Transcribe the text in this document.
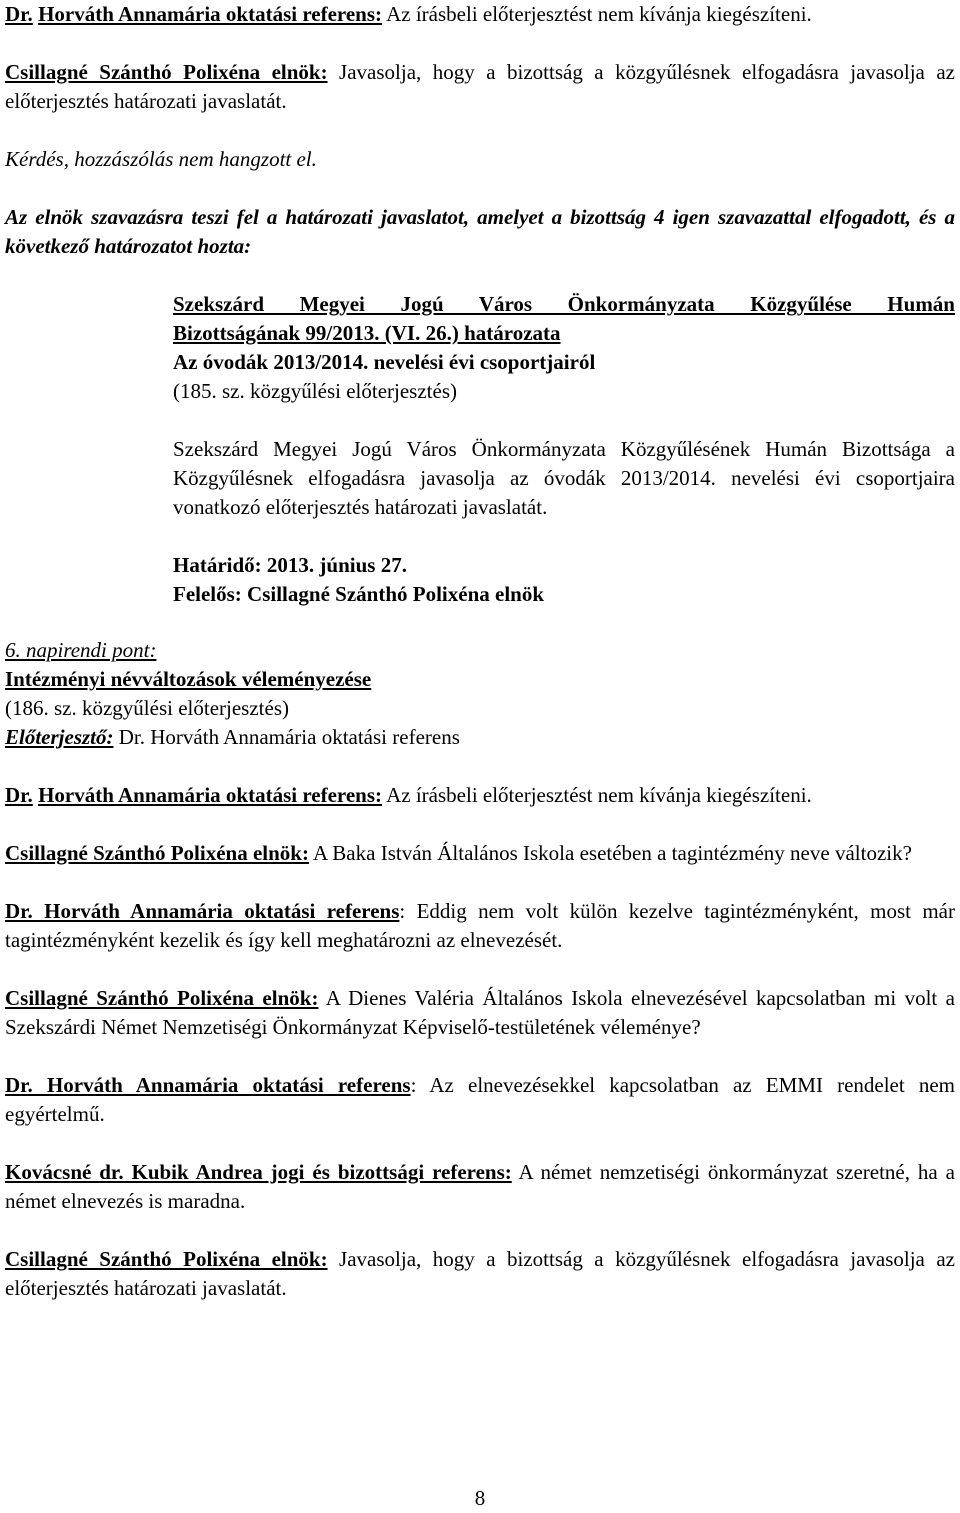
Dr. Horváth Annamária oktatási referens: Az írásbeli előterjesztést nem kívánja kiegészíteni.

Csillagné Szánthó Polixéna elnök: Javasolja, hogy a bizottság a közgyűlésnek elfogadásra javasolja az előterjesztés határozati javaslatát.

Kérdés, hozzászólás nem hangzott el.

Az elnök szavazásra teszi fel a határozati javaslatot, amelyet a bizottság 4 igen szavazattal elfogadott, és a következő határozatot hozta:

Szekszárd Megyei Jogú Város Önkormányzata Közgyűlése Humán

Bizottságának 99/2013. (VI. 26.) határozata

Az óvodák 2013/2014. nevelési évi csoportjairól

(185. sz. közgyűlési előterjesztés)

Szekszárd Megyei Jogú Város Önkormányzata Közgyűlésének Humán Bizottsága a Közgyűlésnek elfogadásra javasolja az óvodák 2013/2014. nevelési évi csoportjaira vonatkozó előterjesztés határozati javaslatát.

Határidő: 2013. június 27.

Felelős: Csillagné Szánthó Polixéna elnök

6. napirendi pont:

Intézményi névváltozások véleményezése

(186. sz. közgyűlési előterjesztés)

Előterjesztő: Dr. Horváth Annamária oktatási referens

Dr. Horváth Annamária oktatási referens: Az írásbeli előterjesztést nem kívánja kiegészíteni.

Csillagné Szánthó Polixéna elnök: A Baka István Általános Iskola esetében a tagintézmény neve változik?

Dr. Horváth Annamária oktatási referens: Eddig nem volt külön kezelve tagintézményként, most már tagintézményként kezelik és így kell meghatározni az elnevezését.

Csillagné Szánthó Polixéna elnök: A Dienes Valéria Általános Iskola elnevezésével kapcsolatban mi volt a Szekszárdi Német Nemzetiségi Önkormányzat Képviselő-testületének véleménye?

Dr. Horváth Annamária oktatási referens: Az elnevezésekkel kapcsolatban az EMMI rendelet nem egyértelmű.

Kovácsné dr. Kubik Andrea jogi és bizottsági referens: A német nemzetiségi önkormányzat szeretné, ha a német elnevezés is maradna.

Csillagné Szánthó Polixéna elnök: Javasolja, hogy a bizottság a közgyűlésnek elfogadásra javasolja az előterjesztés határozati javaslatát.

8
